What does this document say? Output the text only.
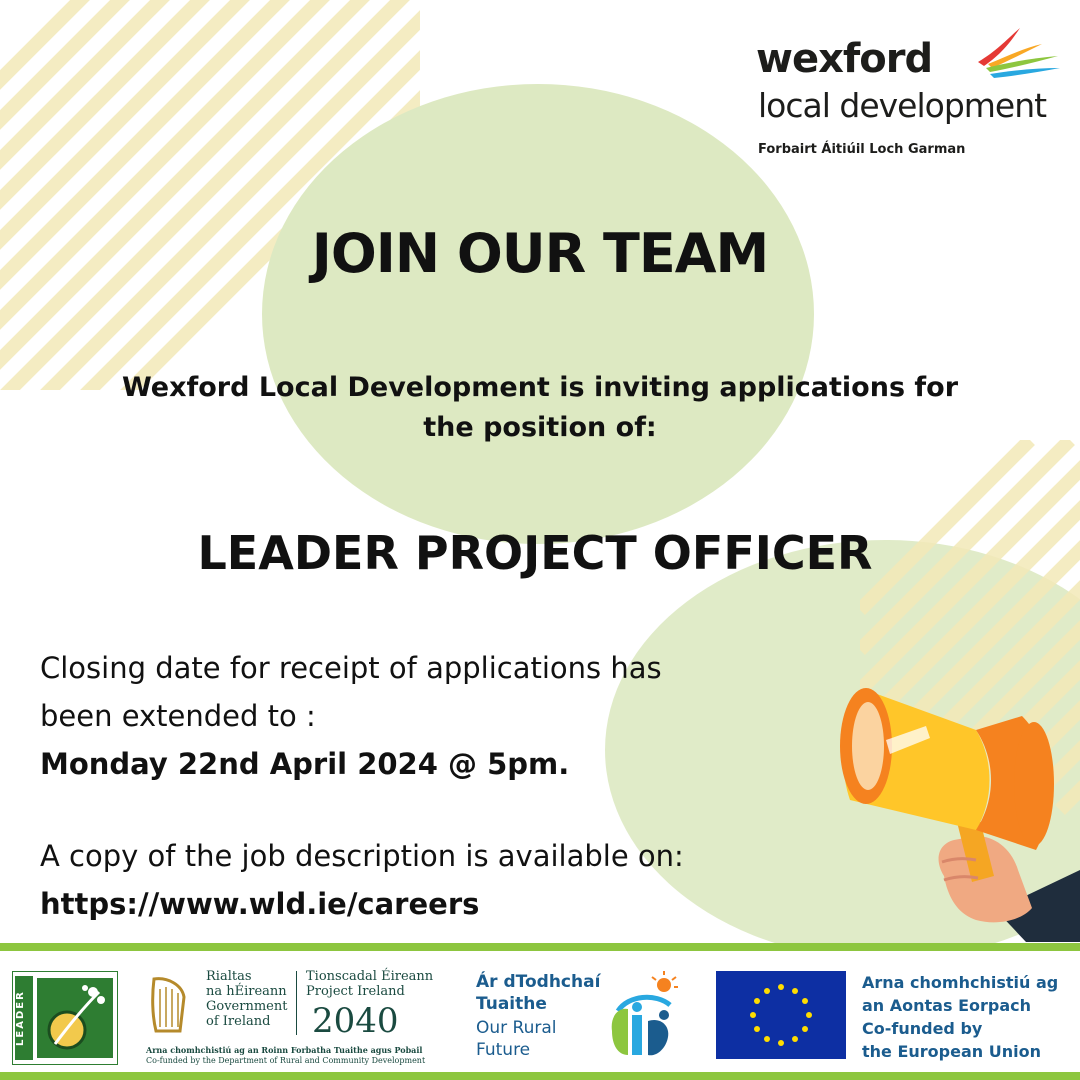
wexford
local development
Forbairt Áitiúil Loch Garman
JOIN OUR TEAM
Wexford Local Development is inviting applications for
the position of:
LEADER PROJECT OFFICER
Closing date for receipt of applications has
been extended to :
Monday 22nd April 2024 @ 5pm.
A copy of the job description is available on:
https://www.wld.ie/careers
LEADER
Rialtas
na hÉireann
Government
of Ireland
Tionscadal Éireann
Project Ireland
2040
Arna chomhchistiú ag an Roinn Forbatha Tuaithe agus Pobail
Co-funded by the Department of Rural and Community Development
Ár dTodhchaí
Tuaithe
Our Rural
Future
Arna chomhchistiú ag
an Aontas Eorpach
Co-funded by
the European Union
